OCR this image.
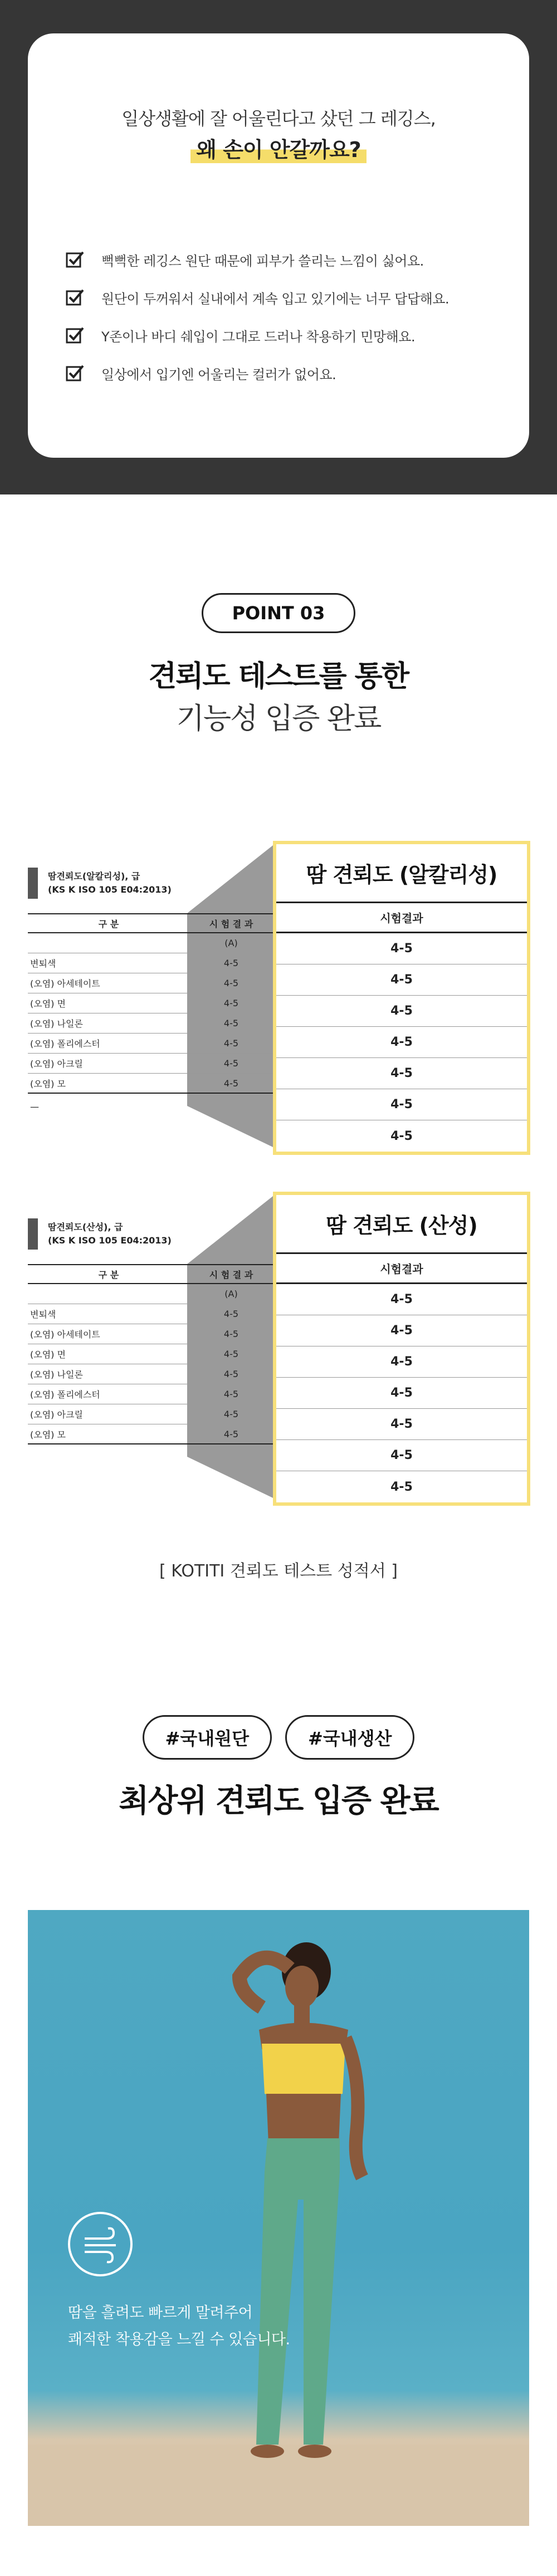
일상생활에 잘 어울린다고 샀던 그 레깅스,
왜 손이 안갈까요?
뻑뻑한 레깅스 원단 때문에 피부가 쓸리는 느낌이 싫어요.
원단이 두꺼워서 실내에서 계속 입고 있기에는 너무 답답해요.
Y존이나 바디 쉐입이 그대로 드러나 착용하기 민망해요.
일상에서 입기엔 어울리는 컬러가 없어요.
POINT 03
견뢰도 테스트를 통한
기능성 입증 완료
땀견뢰도(알칼리성), 급
(KS K ISO 105 E04:2013)
구 분	시 험 결 과
(A)
변퇴색	4-5
(오염) 아세테이트	4-5
(오염) 면	4-5
(오염) 나일론	4-5
(오염) 폴리에스터	4-5
(오염) 아크릴	4-5
(오염) 모	4-5
—
땀 견뢰도 (알칼리성)
시험결과
4-5
4-5
4-5
4-5
4-5
4-5
4-5
땀견뢰도(산성), 급
(KS K ISO 105 E04:2013)
구 분	시 험 결 과
(A)
변퇴색	4-5
(오염) 아세테이트	4-5
(오염) 면	4-5
(오염) 나일론	4-5
(오염) 폴리에스터	4-5
(오염) 아크릴	4-5
(오염) 모	4-5
땀 견뢰도 (산성)
시험결과
4-5
4-5
4-5
4-5
4-5
4-5
4-5
[ KOTITI 견뢰도 테스트 성적서 ]
#국내원단	#국내생산
최상위 견뢰도 입증 완료
땀을 흘려도 빠르게 말려주어
쾌적한 착용감을 느낄 수 있습니다.
